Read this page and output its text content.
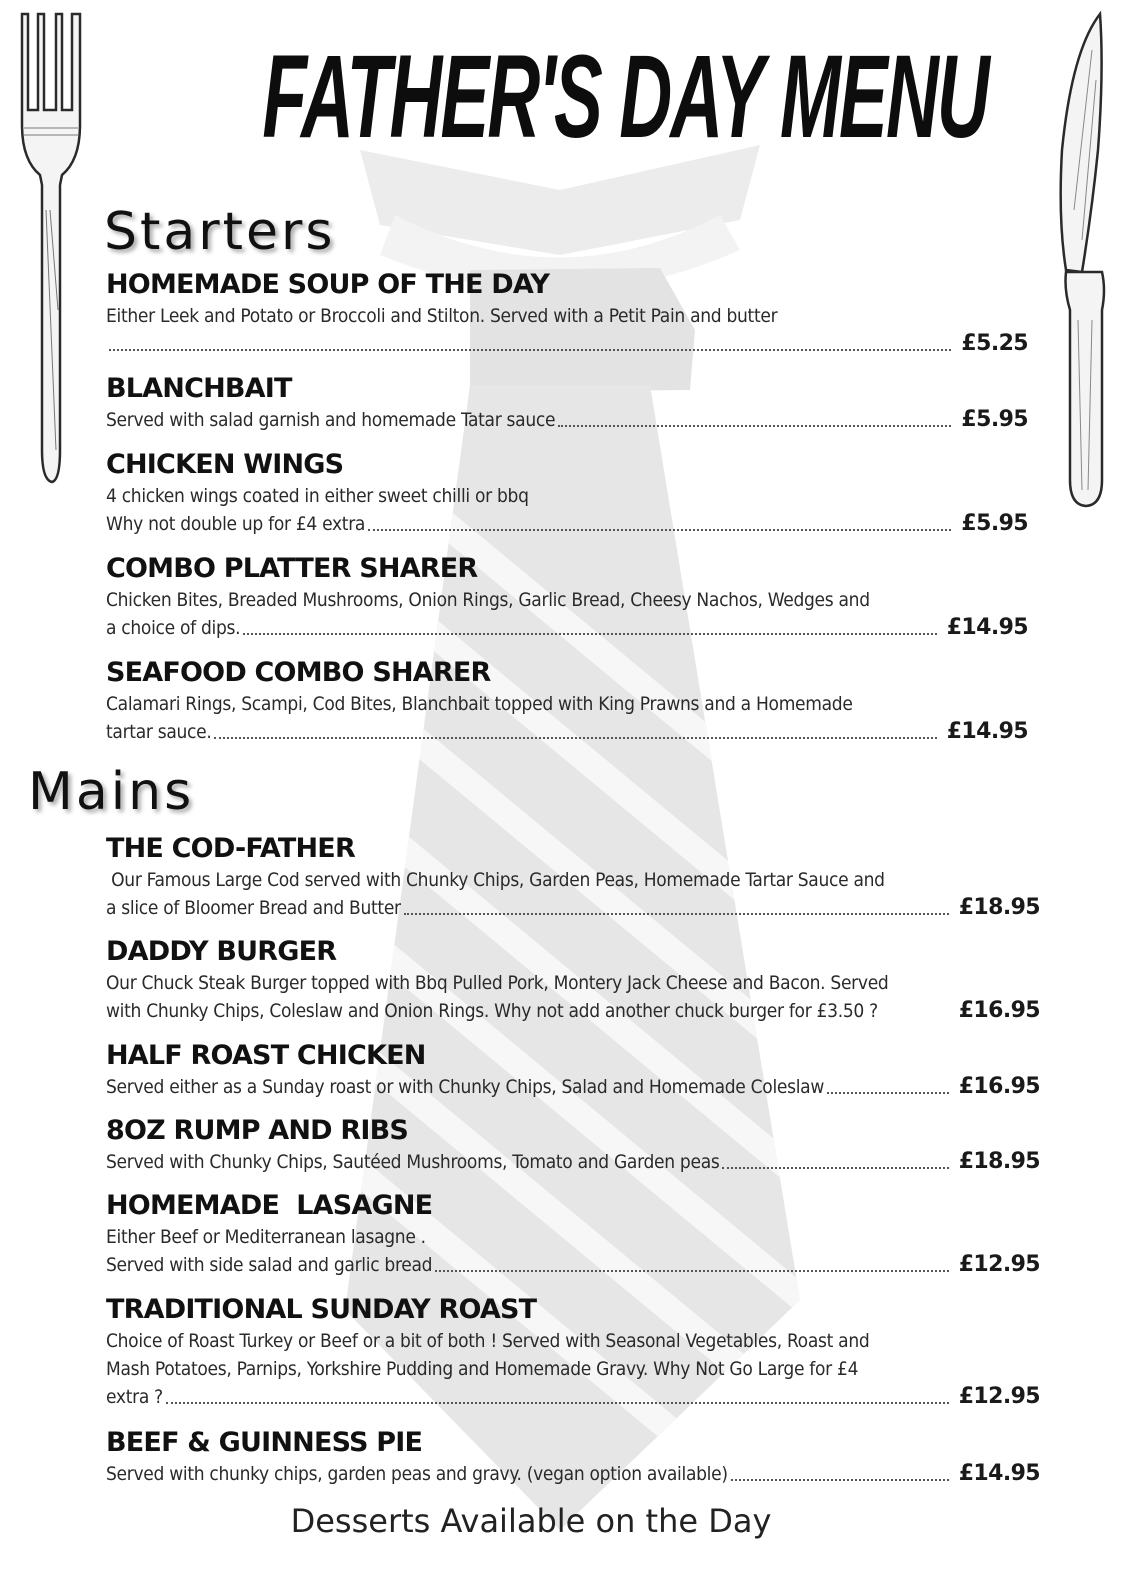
FATHER'S DAY MENU
Starters
HOMEMADE SOUP OF THE DAY
Either Leek and Potato or Broccoli and Stilton. Served with a Petit Pain and butter
£5.25
BLANCHBAIT
Served with salad garnish and homemade Tatar sauce	£5.95
CHICKEN WINGS
4 chicken wings coated in either sweet chilli or bbq
Why not double up for £4 extra	£5.95
COMBO PLATTER SHARER
Chicken Bites, Breaded Mushrooms, Onion Rings, Garlic Bread, Cheesy Nachos, Wedges and
a choice of dips.	£14.95
SEAFOOD COMBO SHARER
Calamari Rings, Scampi, Cod Bites, Blanchbait topped with King Prawns and a Homemade
tartar sauce.	£14.95
Mains
THE COD-FATHER
Our Famous Large Cod served with Chunky Chips, Garden Peas, Homemade Tartar Sauce and
a slice of Bloomer Bread and Butter	£18.95
DADDY BURGER
Our Chuck Steak Burger topped with Bbq Pulled Pork, Montery Jack Cheese and Bacon. Served
with Chunky Chips, Coleslaw and Onion Rings. Why not add another chuck burger for £3.50 ?	£16.95
HALF ROAST CHICKEN
Served either as a Sunday roast or with Chunky Chips, Salad and Homemade Coleslaw	£16.95
8OZ RUMP AND RIBS
Served with Chunky Chips, Sautéed Mushrooms, Tomato and Garden peas	£18.95
HOMEMADE  LASAGNE
Either Beef or Mediterranean lasagne .
Served with side salad and garlic bread	£12.95
TRADITIONAL SUNDAY ROAST
Choice of Roast Turkey or Beef or a bit of both ! Served with Seasonal Vegetables, Roast and
Mash Potatoes, Parnips, Yorkshire Pudding and Homemade Gravy. Why Not Go Large for £4
extra ?	£12.95
BEEF & GUINNESS PIE
Served with chunky chips, garden peas and gravy. (vegan option available)	£14.95
Desserts Available on the Day
